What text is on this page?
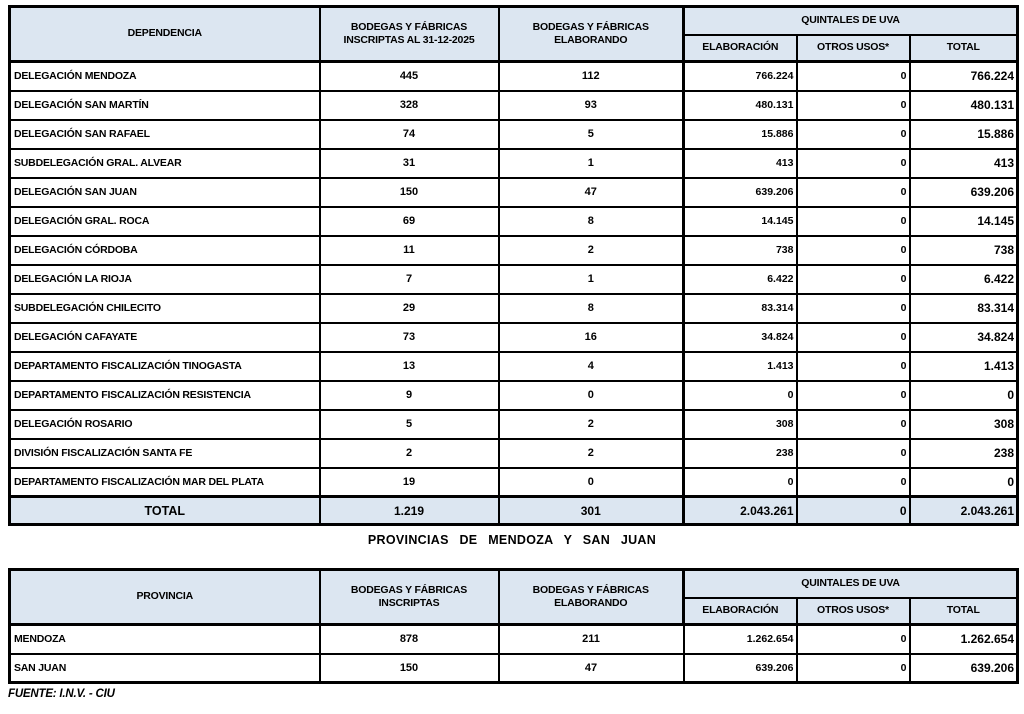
DEPENDENCIA	BODEGAS Y FÁBRICAS INSCRIPTAS AL 31-12-2025	BODEGAS Y FÁBRICAS ELABORANDO	QUINTALES DE UVA		
			ELABORACIÓN	OTROS USOS*	TOTAL
DELEGACIÓN MENDOZA	445	112	766.224	0	766.224
DELEGACIÓN SAN MARTÍN	328	93	480.131	0	480.131
DELEGACIÓN SAN RAFAEL	74	5	15.886	0	15.886
SUBDELEGACIÓN GRAL. ALVEAR	31	1	413	0	413
DELEGACIÓN SAN JUAN	150	47	639.206	0	639.206
DELEGACIÓN GRAL. ROCA	69	8	14.145	0	14.145
DELEGACIÓN CÓRDOBA	11	2	738	0	738
DELEGACIÓN LA RIOJA	7	1	6.422	0	6.422
SUBDELEGACIÓN CHILECITO	29	8	83.314	0	83.314
DELEGACIÓN CAFAYATE	73	16	34.824	0	34.824
DEPARTAMENTO FISCALIZACIÓN TINOGASTA	13	4	1.413	0	1.413
DEPARTAMENTO FISCALIZACIÓN RESISTENCIA	9	0	0	0	0
DELEGACIÓN ROSARIO	5	2	308	0	308
DIVISIÓN FISCALIZACIÓN SANTA FE	2	2	238	0	238
DEPARTAMENTO FISCALIZACIÓN MAR DEL PLATA	19	0	0	0	0
TOTAL	1.219	301	2.043.261	0	2.043.261
PROVINCIAS DE MENDOZA Y SAN JUAN
PROVINCIA	BODEGAS Y FÁBRICAS INSCRIPTAS	BODEGAS Y FÁBRICAS ELABORANDO	QUINTALES DE UVA		
			ELABORACIÓN	OTROS USOS*	TOTAL
MENDOZA	878	211	1.262.654	0	1.262.654
SAN JUAN	150	47	639.206	0	639.206
FUENTE: I.N.V. - CIU
